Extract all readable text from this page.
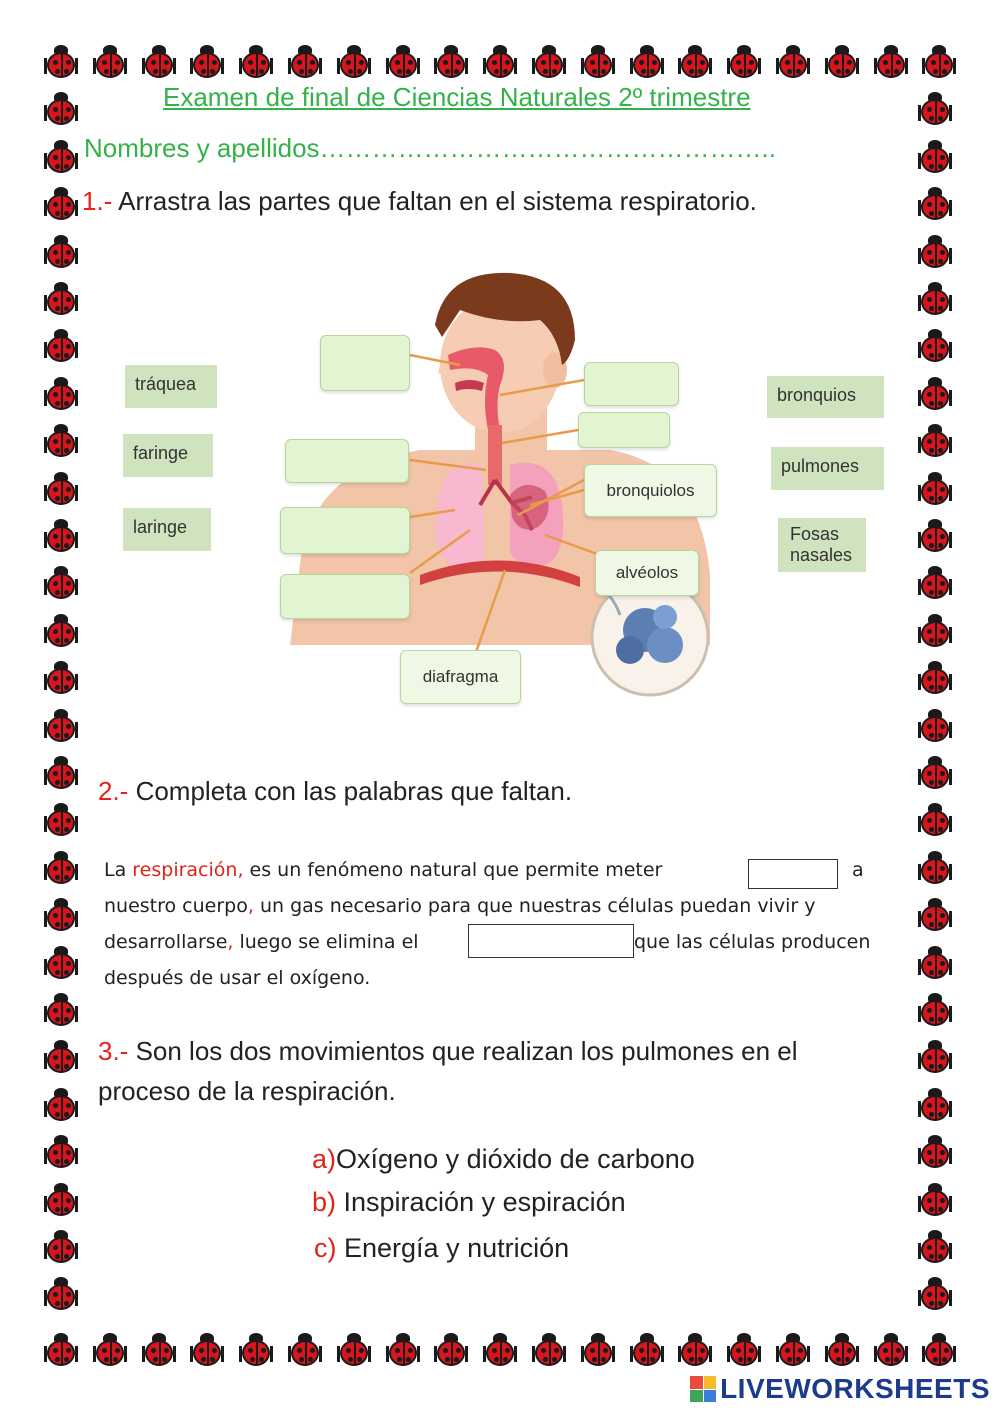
Examen de final de Ciencias Naturales 2º trimestre
Nombres y apellidos……………………………………………..
1.- Arrastra las partes que faltan en el sistema respiratorio.
tráquea
faringe
laringe
bronquios
pulmones
Fosas nasales
bronquiolos
alvéolos
diafragma
2.- Completa con las palabras que faltan.
La respiración, es un fenómeno natural que permite meter	a
nuestro cuerpo, un gas necesario para que nuestras células puedan vivir y
desarrollarse, luego se elimina el	que las células producen
después de usar el oxígeno.
3.- Son los dos movimientos que realizan los pulmones en el
proceso de la respiración.
a)Oxígeno y dióxido de carbono
b) Inspiración y espiración
c) Energía y nutrición
LIVEWORKSHEETS
